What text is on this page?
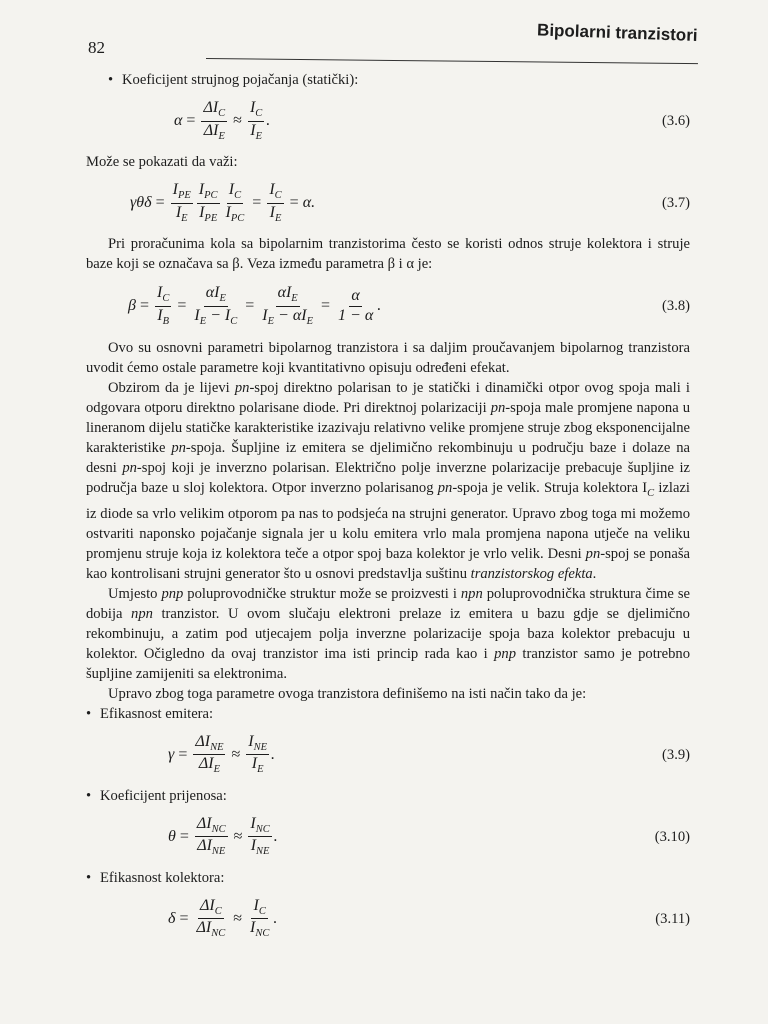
82
Bipolarni tranzistori
• Koeficijent strujnog pojačanja (statički):
$\alpha = \frac{\Delta I_C}{\Delta I_E} \approx \frac{I_C}{I_E}$ .	(3.6)

Može se pokazati da važi:

$\gamma\theta\delta = \frac{I_{PE}}{I_E} \frac{I_{PC}}{I_{PE}} \frac{I_C}{I_{PC}} = \frac{I_C}{I_E} = \alpha$.	(3.7)

Pri proračunima kola sa bipolarnim tranzistorima često se koristi odnos struje kolektora i struje baze koji se označava sa β. Veza između parametra β i α je:

$\beta = \frac{I_C}{I_B} = \frac{\alpha I_E}{I_E - I_C} = \frac{\alpha I_E}{I_E - \alpha I_E} = \frac{\alpha}{1 - \alpha}$ .	(3.8)

Ovo su osnovni parametri bipolarnog tranzistora i sa daljim proučavanjem bipolarnog tranzistora uvodit ćemo ostale parametre koji kvantitativno opisuju određeni efekat.

Obzirom da je lijevi pn-spoj direktno polarisan to je statički i dinamički otpor ovog spoja mali i odgovara otporu direktno polarisane diode. Pri direktnoj polarizaciji pn-spoja male promjene napona u lineranom dijelu statičke karakteristike izazivaju relativno velike promjene struje zbog eksponencijalne karakteristike pn-spoja. Šupljine iz emitera se djelimično rekombinuju u području baze i dolaze na desni pn-spoj koji je inverzno polarisan. Električno polje inverzne polarizacije prebacuje šupljine iz područja baze u sloj kolektora. Otpor inverzno polarisanog pn-spoja je velik. Struja kolektora $I_C$ izlazi iz diode sa vrlo velikim otporom pa nas to podsjeća na strujni generator. Upravo zbog toga mi možemo ostvariti naponsko pojačanje signala jer u kolu emitera vrlo mala promjena napona utječe na veliku promjenu struje koja iz kolektora teče a otpor spoj baza kolektor je vrlo velik. Desni pn-spoj se ponaša kao kontrolisani strujni generator što u osnovi predstavlja suštinu tranzistorskog efekta.

Umjesto pnp poluprovodničke struktur može se proizvesti i npn poluprovodnička struktura čime se dobija npn tranzistor. U ovom slučaju elektroni prelaze iz emitera u bazu gdje se djelimično rekombinuju, a zatim pod utjecajem polja inverzne polarizacije spoja baza kolektor prebacuju u kolektor. Očigledno da ovaj tranzistor ima isti princip rada kao i pnp tranzistor samo je potrebno šupljine zamijeniti sa elektronima.

Upravo zbog toga parametre ovoga tranzistora definišemo na isti način tako da je:

• Efikasnost emitera:
$\gamma = \frac{\Delta I_{NE}}{\Delta I_E} \approx \frac{I_{NE}}{I_E}$ .	(3.9)
• Koeficijent prijenosa:
$\theta = \frac{\Delta I_{NC}}{\Delta I_{NE}} \approx \frac{I_{NC}}{I_{NE}}$ .	(3.10)
• Efikasnost kolektora:
$\delta = \frac{\Delta I_C}{\Delta I_{NC}} \approx \frac{I_C}{I_{NC}}$ .	(3.11)
